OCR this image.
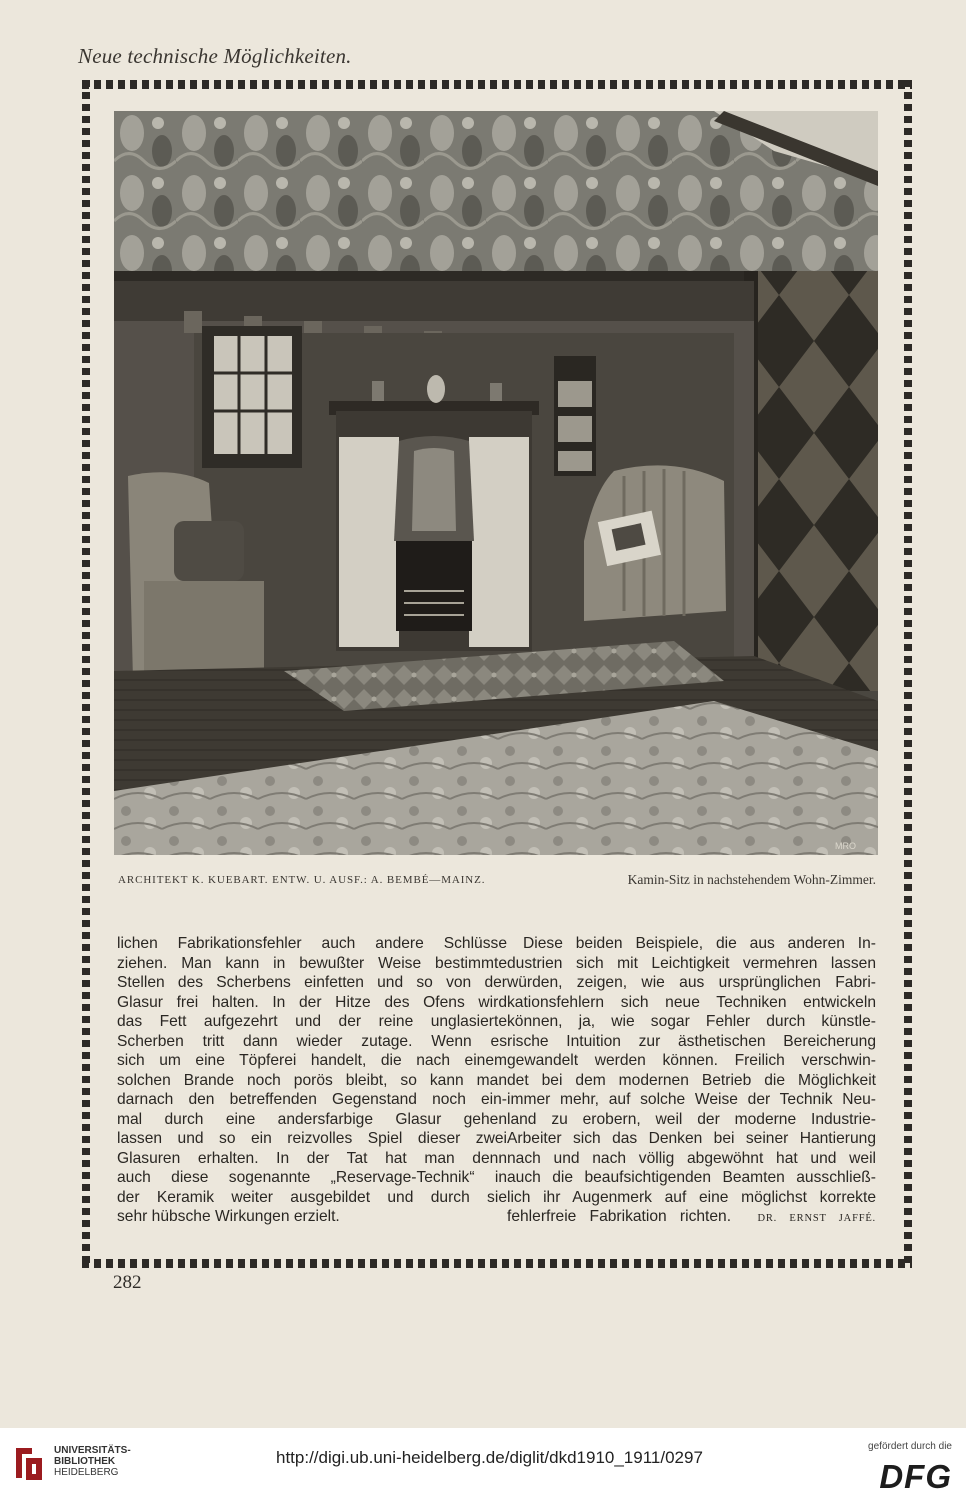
Neue technische Möglichkeiten.
MRO
ARCHITEKT K. KUEBART. ENTW. U. AUSF.: A. BEMBÉ—MAINZ.	Kamin-Sitz in nachstehendem Wohn-Zimmer.
lichen Fabrikationsfehler auch andere Schlüsse
ziehen. Man kann in bewußter Weise bestimmte
Stellen des Scherbens einfetten und so von der
Glasur frei halten. In der Hitze des Ofens wird
das Fett aufgezehrt und der reine unglasierte
Scherben tritt dann wieder zutage. Wenn es
sich um eine Töpferei handelt, die nach einem
solchen Brande noch porös bleibt, so kann man
darnach den betreffenden Gegenstand noch ein-
mal durch eine andersfarbige Glasur gehen
lassen und so ein reizvolles Spiel dieser zwei
Glasuren erhalten. In der Tat hat man denn
auch diese sogenannte „Reservage-Technik“ in
der Keramik weiter ausgebildet und durch sie
sehr hübsche Wirkungen erzielt.
Diese beiden Beispiele, die aus anderen In-
dustrien sich mit Leichtigkeit vermehren lassen
würden, zeigen, wie aus ursprünglichen Fabri-
kationsfehlern sich neue Techniken entwickeln
können, ja, wie sogar Fehler durch künstle-
rische Intuition zur ästhetischen Bereicherung
gewandelt werden können. Freilich verschwin-
det bei dem modernen Betrieb die Möglichkeit
immer mehr, auf solche Weise der Technik Neu-
land zu erobern, weil der moderne Industrie-
Arbeiter sich das Denken bei seiner Hantierung
nach und nach völlig abgewöhnt hat und weil
auch die beaufsichtigenden Beamten ausschließ-
lich ihr Augenmerk auf eine möglichst korrekte
fehlerfreie Fabrikation richten.	DR. ERNST JAFFÉ.
282
UNIVERSITÄTS-
BIBLIOTHEK
HEIDELBERG
http://digi.ub.uni-heidelberg.de/diglit/dkd1910_1911/0297
gefördert durch die
DFG
